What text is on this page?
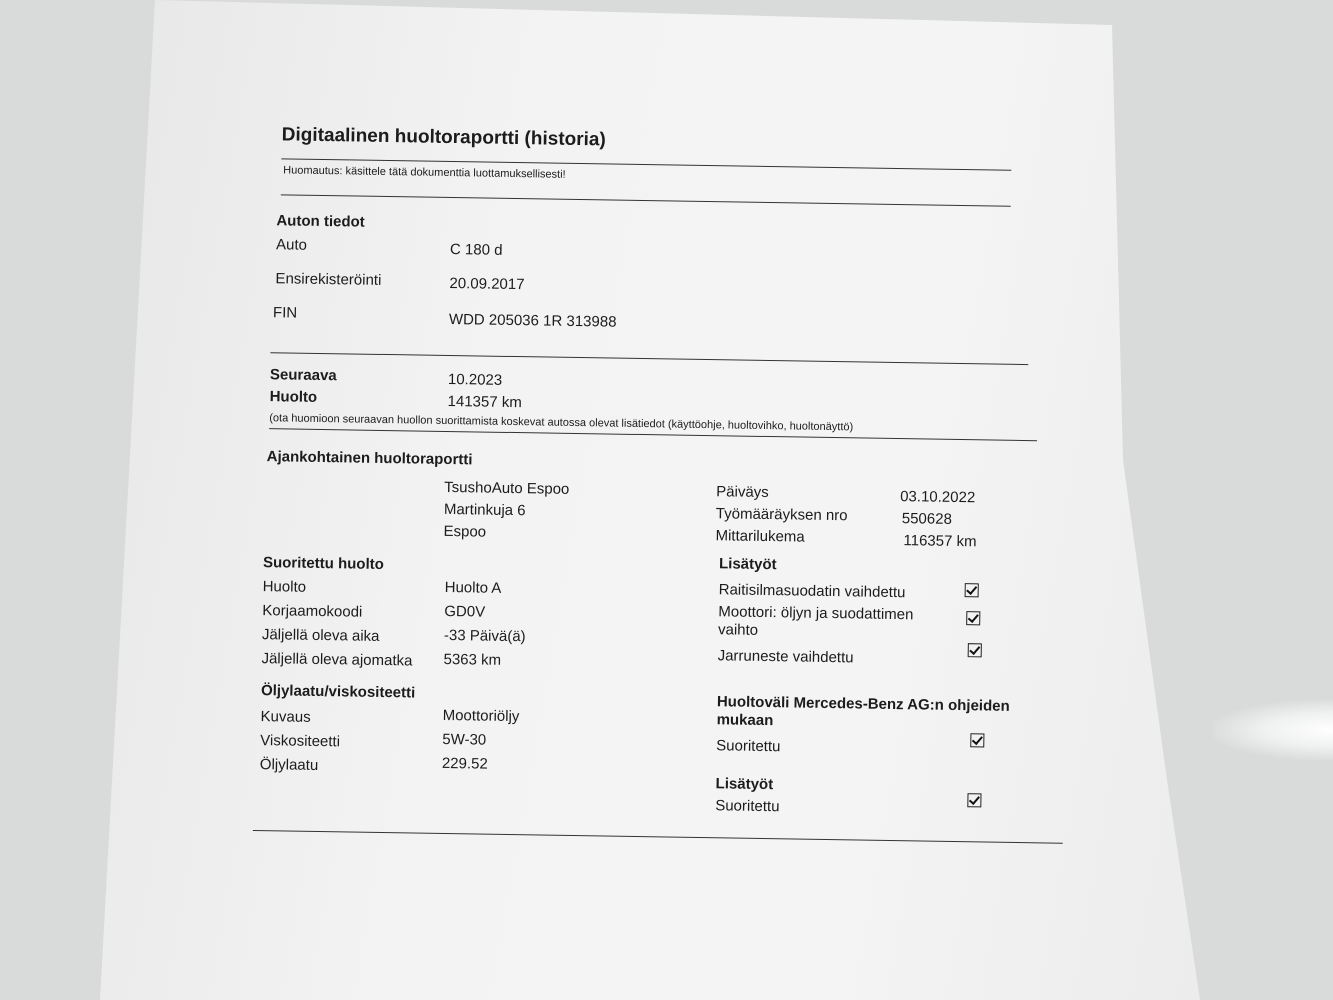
Digitaalinen huoltoraportti (historia)
Huomautus: käsittele tätä dokumenttia luottamuksellisesti!
Auton tiedot
Auto	C 180 d
Ensirekisteröinti	20.09.2017
FIN	WDD 205036 1R 313988
Seuraava	10.2023
Huolto	141357 km
(ota huomioon seuraavan huollon suorittamista koskevat autossa olevat lisätiedot (käyttöohje, huoltovihko, huoltonäyttö)
Ajankohtainen huoltoraportti
TsushoAuto Espoo
Martinkuja 6
Espoo
Päiväys	03.10.2022
Työmääräyksen nro	550628
Mittarilukema	116357 km
Suoritettu huolto
Huolto	Huolto A
Korjaamokoodi	GD0V
Jäljellä oleva aika	-33 Päivä(ä)
Jäljellä oleva ajomatka 5363 km
Lisätyöt
Raitisilmasuodatin vaihdettu
Moottori: öljyn ja suodattimen
vaihto
Jarruneste vaihdettu
Öljylaatu/viskositeetti
Kuvaus	Moottoriöljy
Viskositeetti	5W-30
Öljylaatu	229.52
Huoltoväli Mercedes-Benz AG:n ohjeiden
mukaan
Suoritettu
Lisätyöt
Suoritettu
